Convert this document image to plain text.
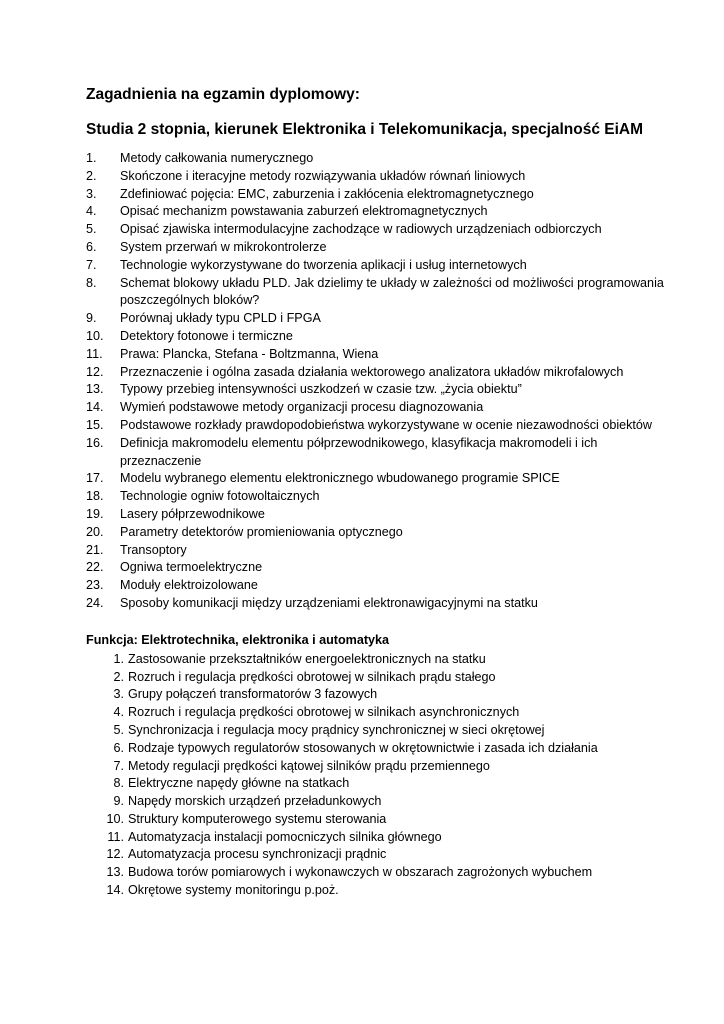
Zagadnienia na egzamin dyplomowy:
Studia 2 stopnia, kierunek Elektronika i Telekomunikacja, specjalność EiAM
1.	Metody całkowania numerycznego
2.	Skończone i iteracyjne metody rozwiązywania układów równań liniowych
3.	Zdefiniować pojęcia: EMC, zaburzenia i zakłócenia elektromagnetycznego
4.	Opisać mechanizm powstawania zaburzeń elektromagnetycznych
5.	Opisać zjawiska intermodulacyjne zachodzące w radiowych urządzeniach odbiorczych
6.	System przerwań w mikrokontrolerze
7.	Technologie wykorzystywane do tworzenia aplikacji i usług internetowych
8.	Schemat blokowy układu PLD. Jak dzielimy te układy w zależności od możliwości programowania poszczególnych bloków?
9.	Porównaj układy typu CPLD i FPGA
10.	Detektory fotonowe i termiczne
11.	Prawa: Plancka, Stefana - Boltzmanna, Wiena
12.	Przeznaczenie i ogólna zasada działania wektorowego analizatora układów mikrofalowych
13.	Typowy przebieg intensywności uszkodzeń w czasie tzw. „życia obiektu”
14.	Wymień podstawowe metody organizacji procesu diagnozowania
15.	Podstawowe rozkłady prawdopodobieństwa wykorzystywane w ocenie niezawodności obiektów
16.	Definicja makromodelu elementu półprzewodnikowego, klasyfikacja makromodeli i ich przeznaczenie
17.	Modelu wybranego elementu elektronicznego wbudowanego programie SPICE
18.	Technologie ogniw fotowoltaicznych
19.	Lasery półprzewodnikowe
20.	Parametry detektorów promieniowania optycznego
21.	Transoptory
22.	Ogniwa termoelektryczne
23.	Moduły elektroizolowane
24.	Sposoby komunikacji między urządzeniami elektronawigacyjnymi na statku

Funkcja: Elektrotechnika, elektronika i automatyka

1. Zastosowanie przekształtników energoelektronicznych na statku
2. Rozruch i regulacja prędkości obrotowej w silnikach prądu stałego
3. Grupy połączeń transformatorów 3 fazowych
4. Rozruch i regulacja prędkości obrotowej w silnikach asynchronicznych
5. Synchronizacja i regulacja mocy prądnicy synchronicznej w sieci okrętowej
6. Rodzaje typowych regulatorów stosowanych w okrętownictwie i zasada ich działania
7. Metody regulacji prędkości kątowej silników prądu przemiennego
8. Elektryczne napędy główne na statkach
9. Napędy morskich urządzeń przeładunkowych
10. Struktury komputerowego systemu sterowania
11. Automatyzacja instalacji pomocniczych silnika głównego
12. Automatyzacja procesu synchronizacji prądnic
13. Budowa torów pomiarowych i wykonawczych w obszarach zagrożonych wybuchem
14. Okrętowe systemy monitoringu p.poż.
